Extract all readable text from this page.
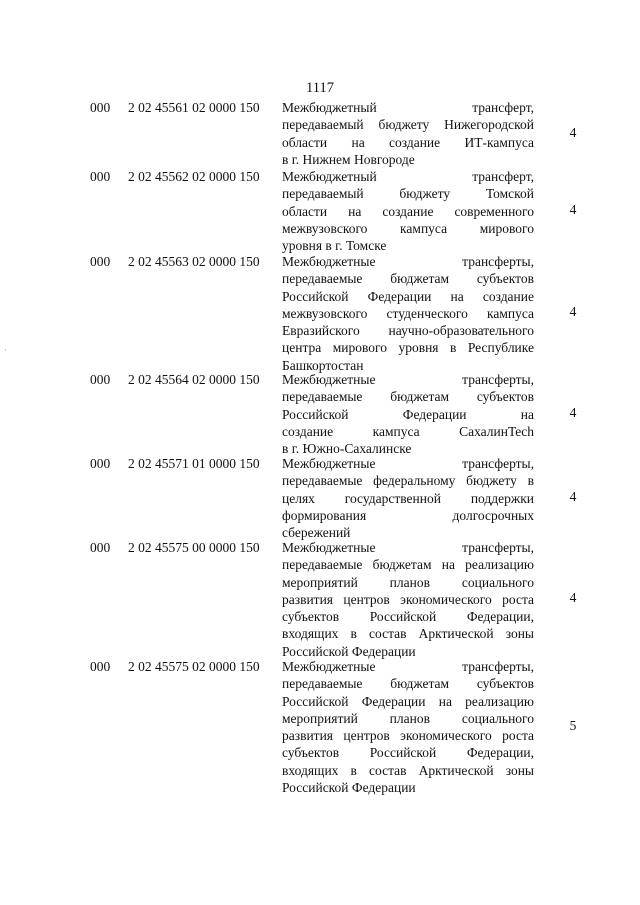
1117
·
000 2 02 45561 02 0000 150 Межбюджетный трансферт,
передаваемый бюджету Нижегородской
области на создание ИТ-кампуса
в г. Нижнем Новгороде
4
000 2 02 45562 02 0000 150 Межбюджетный трансферт,
передаваемый бюджету Томской
области на создание современного
межвузовского кампуса мирового
уровня в г. Томске
4
000 2 02 45563 02 0000 150 Межбюджетные трансферты,
передаваемые бюджетам субъектов
Российской Федерации на создание
межвузовского студенческого кампуса
Евразийского научно-образовательного
центра мирового уровня в Республике
Башкортостан
4
000 2 02 45564 02 0000 150 Межбюджетные трансферты,
передаваемые бюджетам субъектов
Российской Федерации на
создание кампуса СахалинTech
в г. Южно-Сахалинске
4
000 2 02 45571 01 0000 150 Межбюджетные трансферты,
передаваемые федеральному бюджету в
целях государственной поддержки
формирования долгосрочных
сбережений
4
000 2 02 45575 00 0000 150 Межбюджетные трансферты,
передаваемые бюджетам на реализацию
мероприятий планов социального
развития центров экономического роста
субъектов Российской Федерации,
входящих в состав Арктической зоны
Российской Федерации
4
000 2 02 45575 02 0000 150 Межбюджетные трансферты,
передаваемые бюджетам субъектов
Российской Федерации на реализацию
мероприятий планов социального
развития центров экономического роста
субъектов Российской Федерации,
входящих в состав Арктической зоны
Российской Федерации
5
